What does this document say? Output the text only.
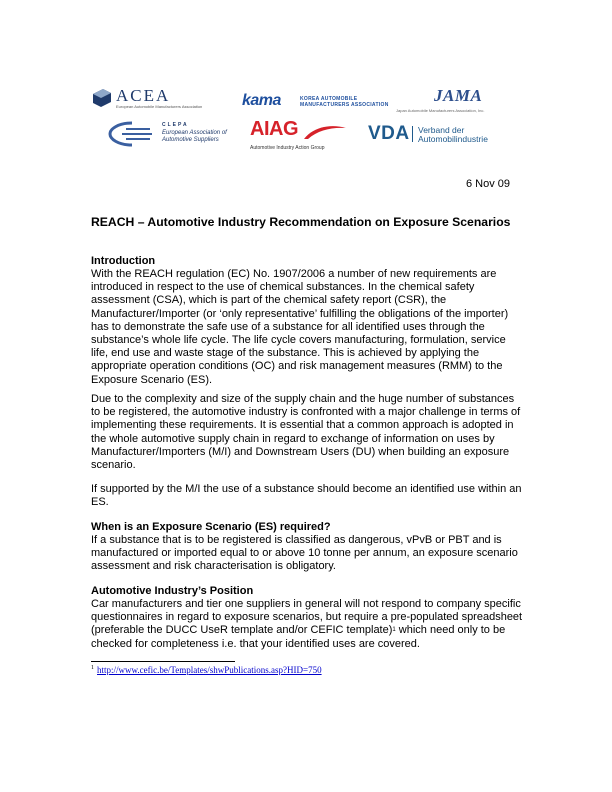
ACEA
European Automobile Manufacturers Association kama	KOREA AUTOMOBILE
MANUFACTURERS ASSOCIATION	JAMA
Japan Automobile Manufacturers Association, Inc.
CLEPA
European Association of
Automotive Suppliers AIAG
Automotive Industry Action Group
VDA Verband der
Automobilindustrie
6 Nov 09
REACH – Automotive Industry Recommendation on Exposure Scenarios
Introduction
With the REACH regulation (EC) No. 1907/2006 a number of new requirements are
introduced in respect to the use of chemical substances. In the chemical safety
assessment (CSA), which is part of the chemical safety report (CSR), the
Manufacturer/Importer (or ‘only representative’ fulfilling the obligations of the importer)
has to demonstrate the safe use of a substance for all identified uses through the
substance’s whole life cycle. The life cycle covers manufacturing, formulation, service
life, end use and waste stage of the substance. This is achieved by applying the
appropriate operation conditions (OC) and risk management measures (RMM) to the
Exposure Scenario (ES).
Due to the complexity and size of the supply chain and the huge number of substances
to be registered, the automotive industry is confronted with a major challenge in terms of
implementing these requirements. It is essential that a common approach is adopted in
the whole automotive supply chain in regard to exchange of information on uses by
Manufacturer/Importers (M/I) and Downstream Users (DU) when building an exposure
scenario.
If supported by the M/I the use of a substance should become an identified use within an
ES.
When is an Exposure Scenario (ES) required?
If a substance that is to be registered is classified as dangerous, vPvB or PBT and is
manufactured or imported equal to or above 10 tonne per annum, an exposure scenario
assessment and risk characterisation is obligatory.
Automotive Industry’s Position
Car manufacturers and tier one suppliers in general will not respond to company specific
questionnaires in regard to exposure scenarios, but require a pre-populated spreadsheet
(preferable the DUCC UseR template and/or CEFIC template)$^1$ which need only to be
checked for completeness i.e. that your identified uses are covered.
$^1$ http://www.cefic.be/Templates/shwPublications.asp?HID=750
